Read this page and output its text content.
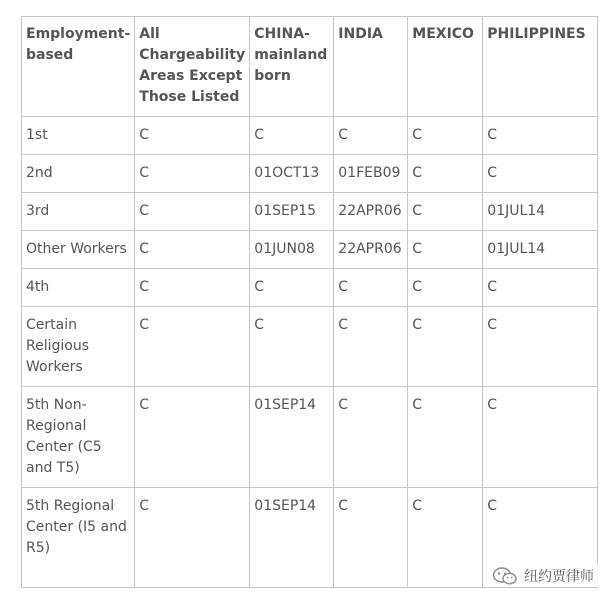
Employment-based	All Chargeability Areas Except Those Listed	CHINA-mainland born	INDIA	MEXICO	PHILIPPINES
1st	C	C	C	C	C
2nd	C	01OCT13	01FEB09	C	C
3rd	C	01SEP15	22APR06	C	01JUL14
Other Workers	C	01JUN08	22APR06	C	01JUL14
4th	C	C	C	C	C
Certain Religious Workers	C	C	C	C	C
5th Non-Regional Center (C5 and T5)	C	01SEP14	C	C	C
5th Regional Center (I5 and R5)	C	01SEP14	C	C	C
纽约贾律师
